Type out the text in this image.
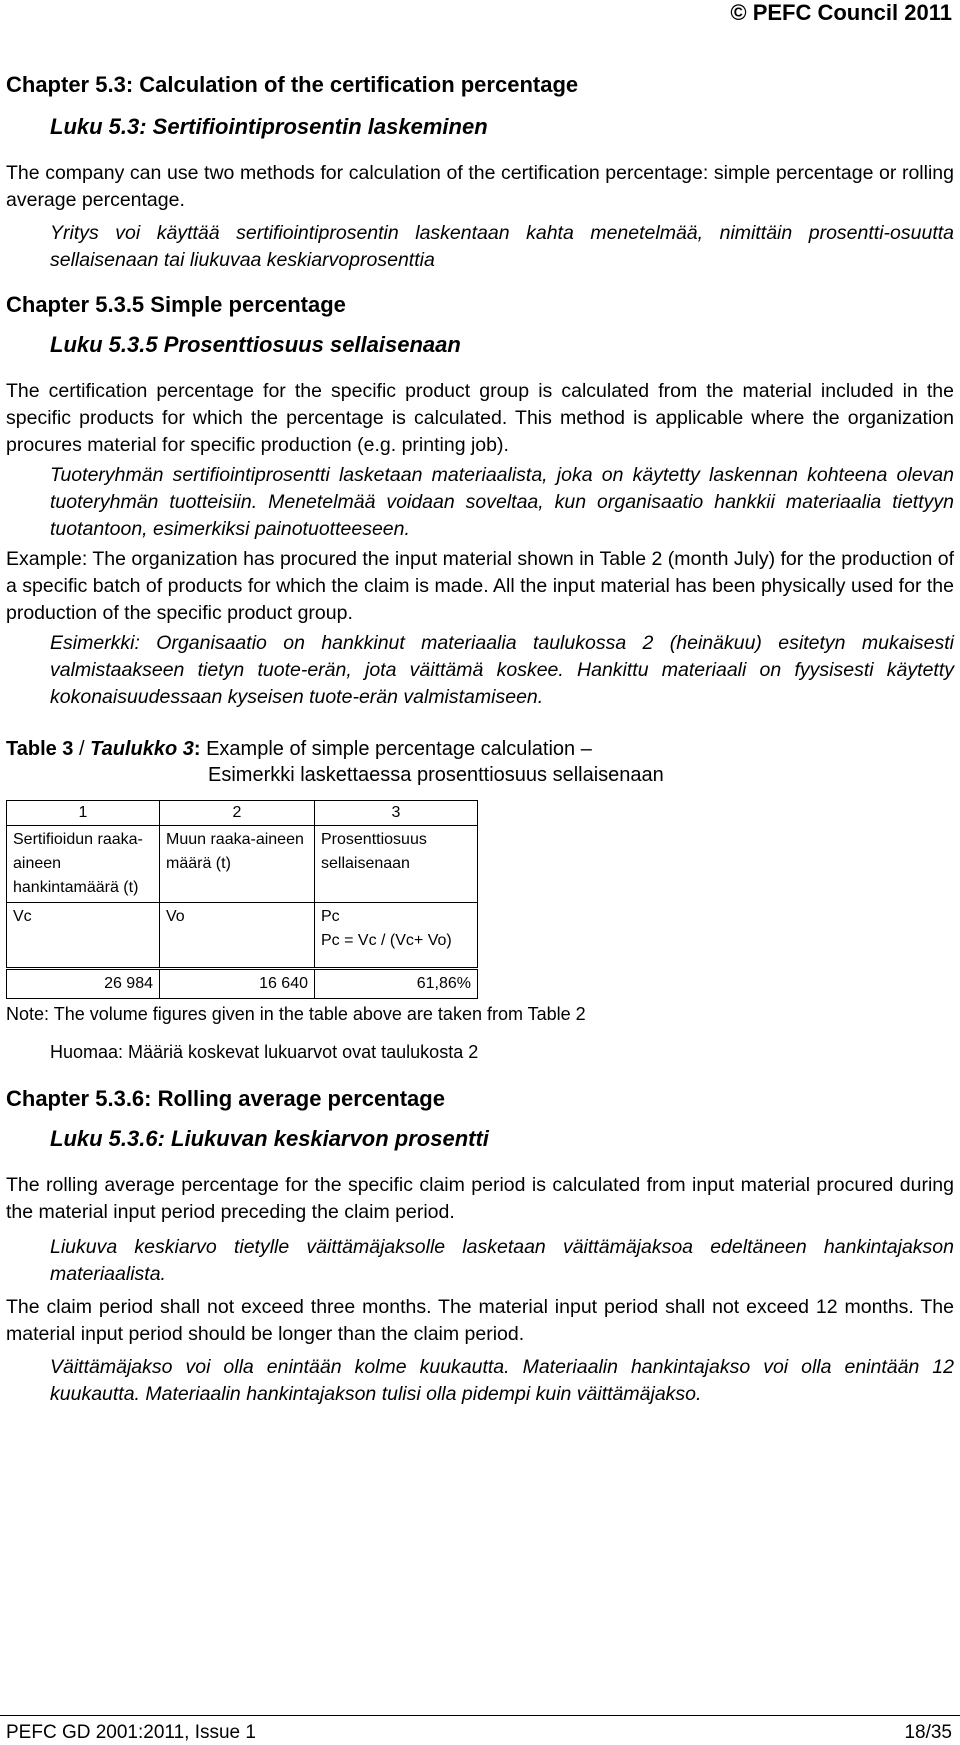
© PEFC Council 2011
Chapter 5.3: Calculation of the certification percentage
Luku 5.3: Sertifiointiprosentin laskeminen
The company can use two methods for calculation of the certification percentage: simple percentage or rolling average percentage.
Yritys voi käyttää sertifiointiprosentin laskentaan kahta menetelmää, nimittäin prosentti-osuutta sellaisenaan tai liukuvaa keskiarvoprosenttia
Chapter 5.3.5 Simple percentage
Luku 5.3.5 Prosenttiosuus sellaisenaan
The certification percentage for the specific product group is calculated from the material included in the specific products for which the percentage is calculated. This method is applicable where the organization procures material for specific production (e.g. printing job).
Tuoteryhmän sertifiointiprosentti lasketaan materiaalista, joka on käytetty laskennan kohteena olevan tuoteryhmän tuotteisiin. Menetelmää voidaan soveltaa, kun organisaatio hankkii materiaalia tiettyyn tuotantoon, esimerkiksi painotuotteeseen.
Example: The organization has procured the input material shown in Table 2 (month July) for the production of a specific batch of products for which the claim is made. All the input material has been physically used for the production of the specific product group.
Esimerkki: Organisaatio on hankkinut materiaalia taulukossa 2 (heinäkuu) esitetyn mukaisesti valmistaakseen tietyn tuote-erän, jota väittämä koskee. Hankittu materiaali on fyysisesti käytetty kokonaisuudessaan kyseisen tuote-erän valmistamiseen.
Table 3 / Taulukko 3: Example of simple percentage calculation –
Esimerkki laskettaessa prosenttiosuus sellaisenaan
1	2	3
Sertifioidun raaka-aineen hankintamäärä (t)	Muun raaka-aineen määrä (t)	Prosenttiosuus sellaisenaan
Vc	Vo	Pc
Pc = Vc / (Vc+ Vo)

26 984	16 640	61,86%
Note: The volume figures given in the table above are taken from Table 2
Huomaa: Määriä koskevat lukuarvot ovat taulukosta 2
Chapter 5.3.6: Rolling average percentage
Luku 5.3.6: Liukuvan keskiarvon prosentti
The rolling average percentage for the specific claim period is calculated from input material procured during the material input period preceding the claim period.
Liukuva keskiarvo tietylle väittämäjaksolle lasketaan väittämäjaksoa edeltäneen hankintajakson materiaalista.
The claim period shall not exceed three months. The material input period shall not exceed 12 months. The material input period should be longer than the claim period.
Väittämäjakso voi olla enintään kolme kuukautta. Materiaalin hankintajakso voi olla enintään 12 kuukautta. Materiaalin hankintajakson tulisi olla pidempi kuin väittämäjakso.
PEFC GD 2001:2011, Issue 1	18/35
